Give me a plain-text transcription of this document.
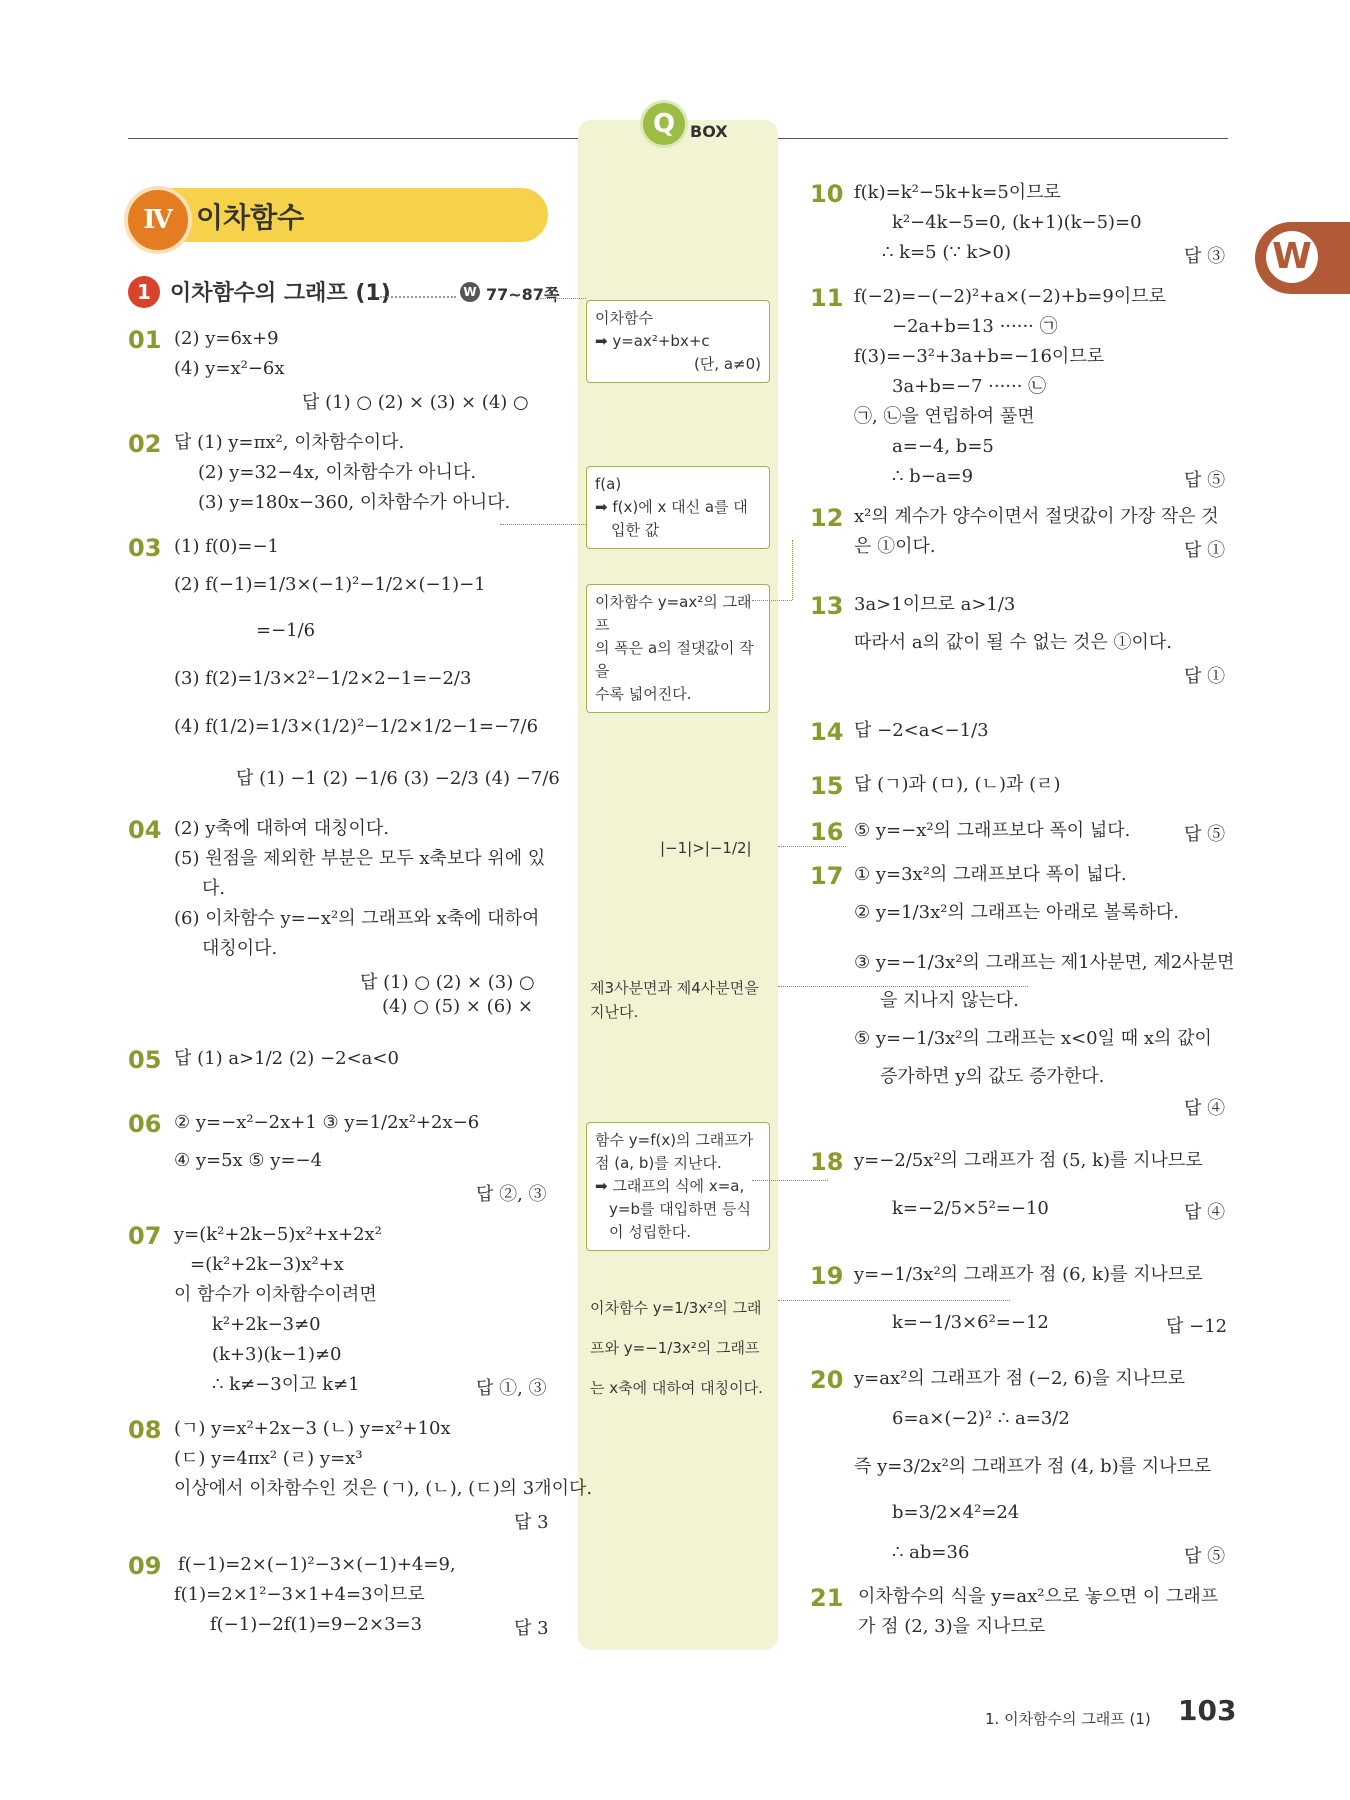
Q BOX
W
Ⅳ 이차함수
1 이차함수의 그래프 (1)	W 77~87쪽
01 (2) y=6x+9
(4) y=x²−6x
답 (1) ○ (2) × (3) × (4) ○
02 답 (1) y=πx², 이차함수이다.
(2) y=32−4x, 이차함수가 아니다.
(3) y=180x−360, 이차함수가 아니다.
03 (1) f(0)=−1
(2) f(−1)=1/3×(−1)²−1/2×(−1)−1
=−1/6
(3) f(2)=1/3×2²−1/2×2−1=−2/3
(4) f(1/2)=1/3×(1/2)²−1/2×1/2−1=−7/6
답 (1) −1 (2) −1/6 (3) −2/3 (4) −7/6
04 (2) y축에 대하여 대칭이다.
(5) 원점을 제외한 부분은 모두 x축보다 위에 있
다.
(6) 이차함수 y=−x²의 그래프와 x축에 대하여
대칭이다.
답 (1) ○ (2) × (3) ○
(4) ○ (5) × (6) ×
05 답 (1) a>1/2 (2) −2<a<0
06 ② y=−x²−2x+1 ③ y=1/2x²+2x−6
④ y=5x ⑤ y=−4
답 ②, ③
07 y=(k²+2k−5)x²+x+2x²
=(k²+2k−3)x²+x
이 함수가 이차함수이려면
k²+2k−3≠0
(k+3)(k−1)≠0
∴ k≠−3이고 k≠1	답 ①, ③
08 (ㄱ) y=x²+2x−3 (ㄴ) y=x²+10x
(ㄷ) y=4πx² (ㄹ) y=x³
이상에서 이차함수인 것은 (ㄱ), (ㄴ), (ㄷ)의 3개이다.
답 3
09 f(−1)=2×(−1)²−3×(−1)+4=9,
f(1)=2×1²−3×1+4=3이므로
f(−1)−2f(1)=9−2×3=3	답 3
이차함수
➡ y=ax²+bx+c
(단, a≠0)
f(a)
➡ f(x)에 x 대신 a를 대
입한 값
이차함수 y=ax²의 그래프
의 폭은 a의 절댓값이 작을
수록 넓어진다.
|−1|>|−1/2|
제3사분면과 제4사분면을
지난다.
함수 y=f(x)의 그래프가
점 (a, b)를 지난다.
➡ 그래프의 식에 x=a,
y=b를 대입하면 등식
이 성립한다.
이차함수 y=1/3x²의 그래
프와 y=−1/3x²의 그래프
는 x축에 대하여 대칭이다.
10 f(k)=k²−5k+k=5이므로
k²−4k−5=0, (k+1)(k−5)=0
∴ k=5 (∵ k>0)	답 ③
11 f(−2)=−(−2)²+a×(−2)+b=9이므로
−2a+b=13 ······ ㉠
f(3)=−3²+3a+b=−16이므로
3a+b=−7 ······ ㉡
㉠, ㉡을 연립하여 풀면
a=−4, b=5
∴ b−a=9	답 ⑤
12 x²의 계수가 양수이면서 절댓값이 가장 작은 것
은 ①이다.	답 ①
13 3a>1이므로 a>1/3
따라서 a의 값이 될 수 없는 것은 ①이다.
답 ①
14 답 −2<a<−1/3
15 답 (ㄱ)과 (ㅁ), (ㄴ)과 (ㄹ)
16 ⑤ y=−x²의 그래프보다 폭이 넓다.	답 ⑤
17 ① y=3x²의 그래프보다 폭이 넓다.
② y=1/3x²의 그래프는 아래로 볼록하다.
③ y=−1/3x²의 그래프는 제1사분면, 제2사분면
을 지나지 않는다.
⑤ y=−1/3x²의 그래프는 x<0일 때 x의 값이
증가하면 y의 값도 증가한다.
답 ④
18 y=−2/5x²의 그래프가 점 (5, k)를 지나므로
k=−2/5×5²=−10	답 ④
19 y=−1/3x²의 그래프가 점 (6, k)를 지나므로
k=−1/3×6²=−12	답 −12
20 y=ax²의 그래프가 점 (−2, 6)을 지나므로
6=a×(−2)² ∴ a=3/2
즉 y=3/2x²의 그래프가 점 (4, b)를 지나므로
b=3/2×4²=24
∴ ab=36	답 ⑤
21 이차함수의 식을 y=ax²으로 놓으면 이 그래프
가 점 (2, 3)을 지나므로
1. 이차함수의 그래프 (1) 103
